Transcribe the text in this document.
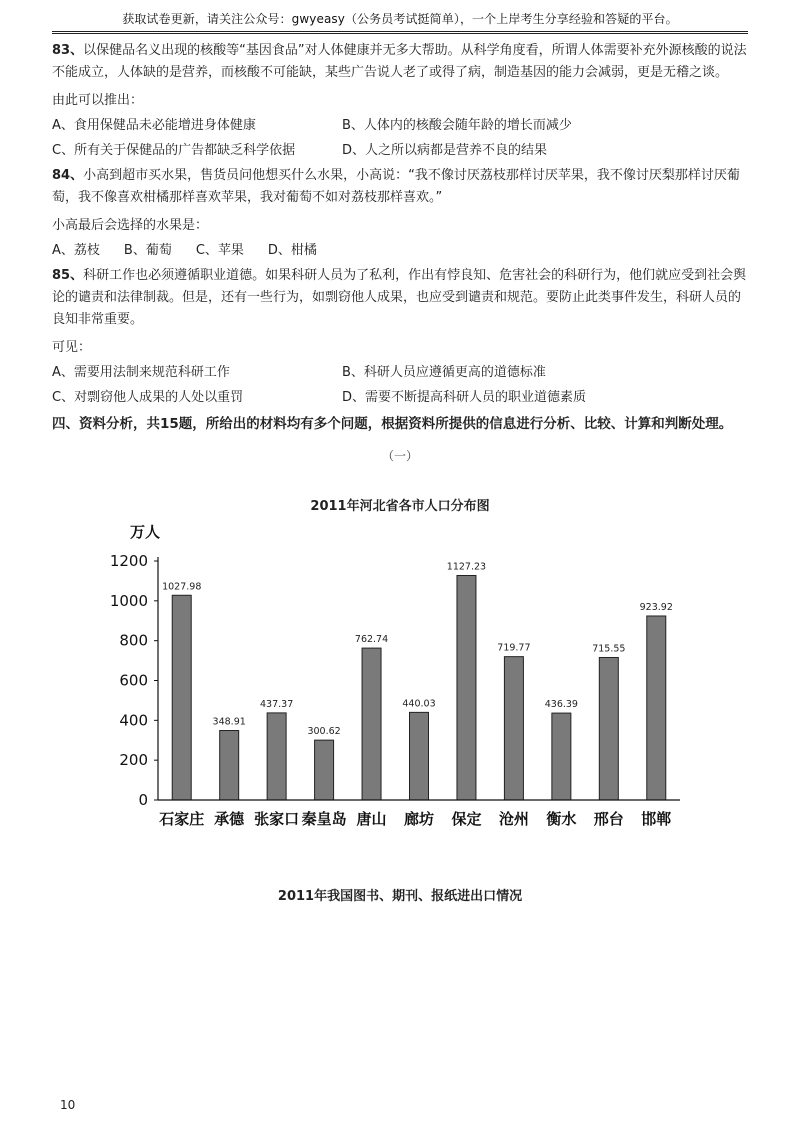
获取试卷更新，请关注公众号：gwyeasy（公务员考试挺简单），一个上岸考生分享经验和答疑的平台。

83、以保健品名义出现的核酸等“基因食品”对人体健康并无多大帮助。从科学角度看，所谓人体需要补充外源核酸的说法不能成立，人体缺的是营养，而核酸不可能缺，某些广告说人老了或得了病，制造基因的能力会减弱，更是无稽之谈。

由此可以推出：

A、食用保健品未必能增进身体健康	B、人体内的核酸会随年龄的增长而减少
C、所有关于保健品的广告都缺乏科学依据	D、人之所以病都是营养不良的结果

84、小高到超市买水果，售货员问他想买什么水果，小高说：“我不像讨厌荔枝那样讨厌苹果，我不像讨厌梨那样讨厌葡萄，我不像喜欢柑橘那样喜欢苹果，我对葡萄不如对荔枝那样喜欢。”

小高最后会选择的水果是：

A、荔枝 B、葡萄 C、苹果 D、柑橘

85、科研工作也必须遵循职业道德。如果科研人员为了私利，作出有悖良知、危害社会的科研行为，他们就应受到社会舆论的谴责和法律制裁。但是，还有一些行为，如剽窃他人成果，也应受到谴责和规范。要防止此类事件发生，科研人员的良知非常重要。

可见：

A、需要用法制来规范科研工作	B、科研人员应遵循更高的道德标准
C、对剽窃他人成果的人处以重罚	D、需要不断提高科研人员的职业道德素质

四、资料分析，共15题，所给出的材料均有多个问题，根据资料所提供的信息进行分析、比较、计算和判断处理。

（一）
2011年河北省各市人口分布图
万人
0
200
400
600
800
1000
1200
1027.98
348.91
437.37
300.62
762.74
440.03
1127.23
719.77
436.39
715.55
923.92
石家庄 承德 张家口 秦皇岛 唐山 廊坊 保定 沧州 衡水 邢台 邯郸
2011年我国图书、期刊、报纸进出口情况
10
